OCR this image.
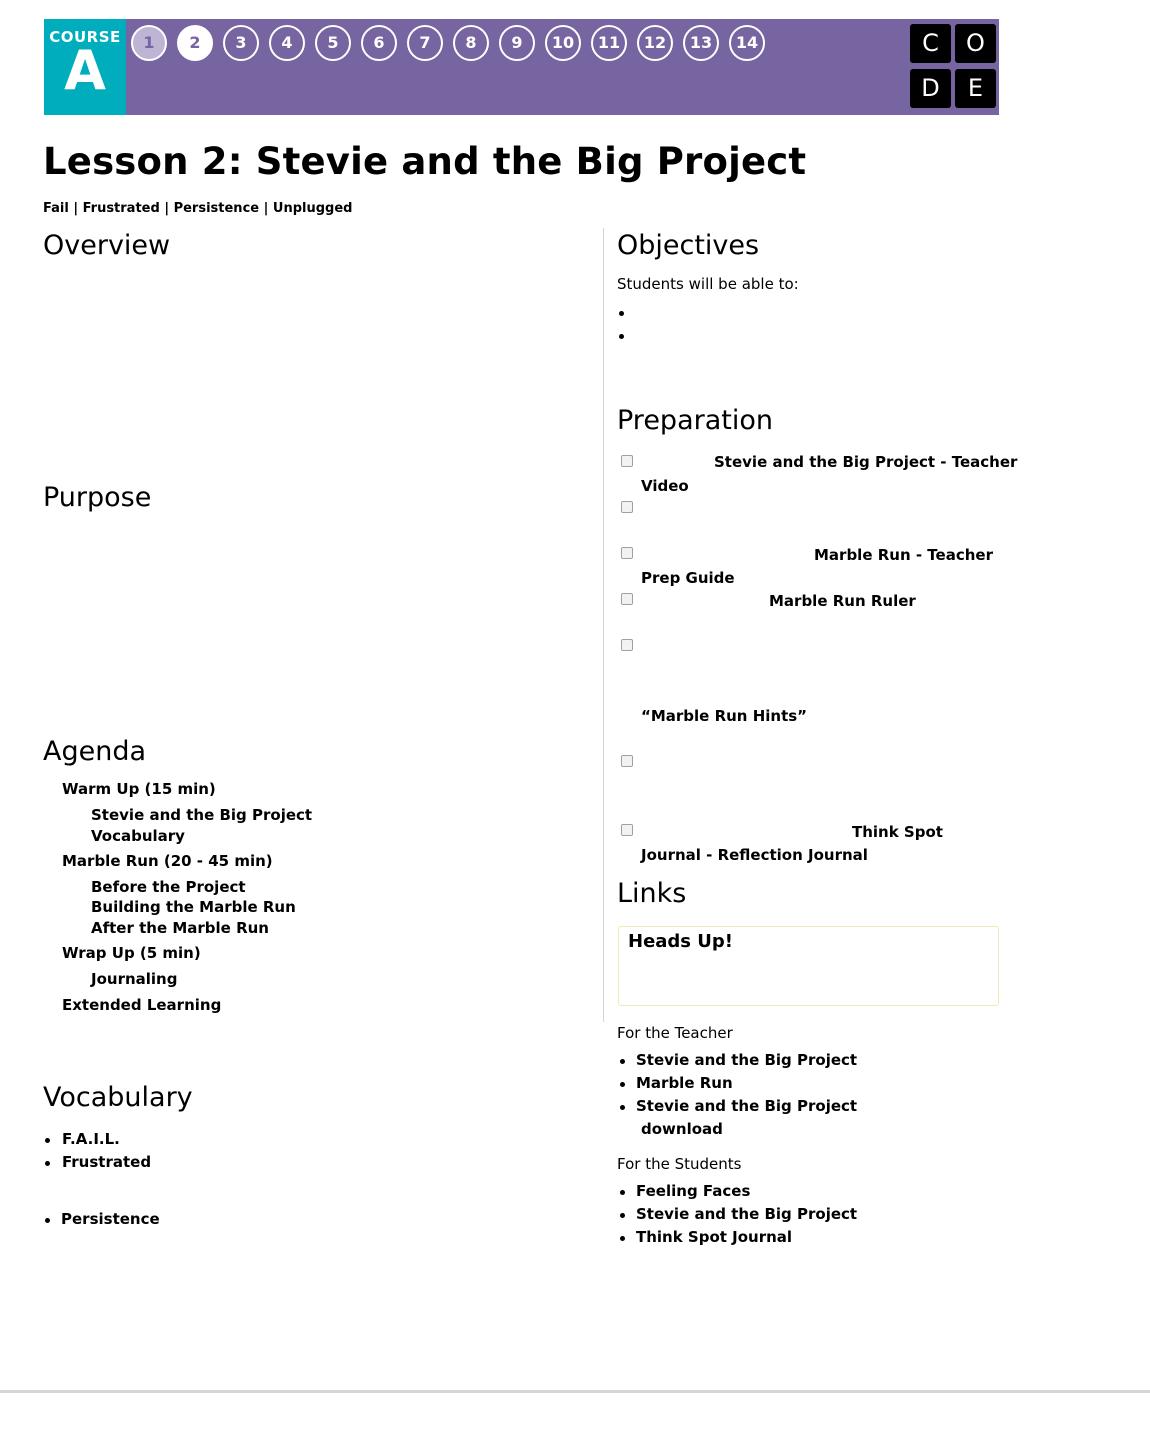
COURSE
A	1	2	3	4	5	6	7	8	9	10	11	12	13	14	C	O
D	E
Lesson 2: Stevie and the Big Project
Fail | Frustrated | Persistence | Unplugged
Overview
Purpose
Agenda
Warm Up (15 min)
Stevie and the Big Project
Vocabulary
Marble Run (20 - 45 min)
Before the Project
Building the Marble Run
After the Marble Run
Wrap Up (5 min)
Journaling
Extended Learning
Vocabulary
F.A.I.L.
Frustrated
Persistence
Objectives
Students will be able to:
Preparation
Stevie and the Big Project - Teacher
Video
Marble Run - Teacher
Prep Guide
Marble Run Ruler
“Marble Run Hints”
Think Spot
Journal - Reflection Journal
Links
Heads Up!
For the Teacher
Stevie and the Big Project
Marble Run
Stevie and the Big Project
download
For the Students
Feeling Faces
Stevie and the Big Project
Think Spot Journal
